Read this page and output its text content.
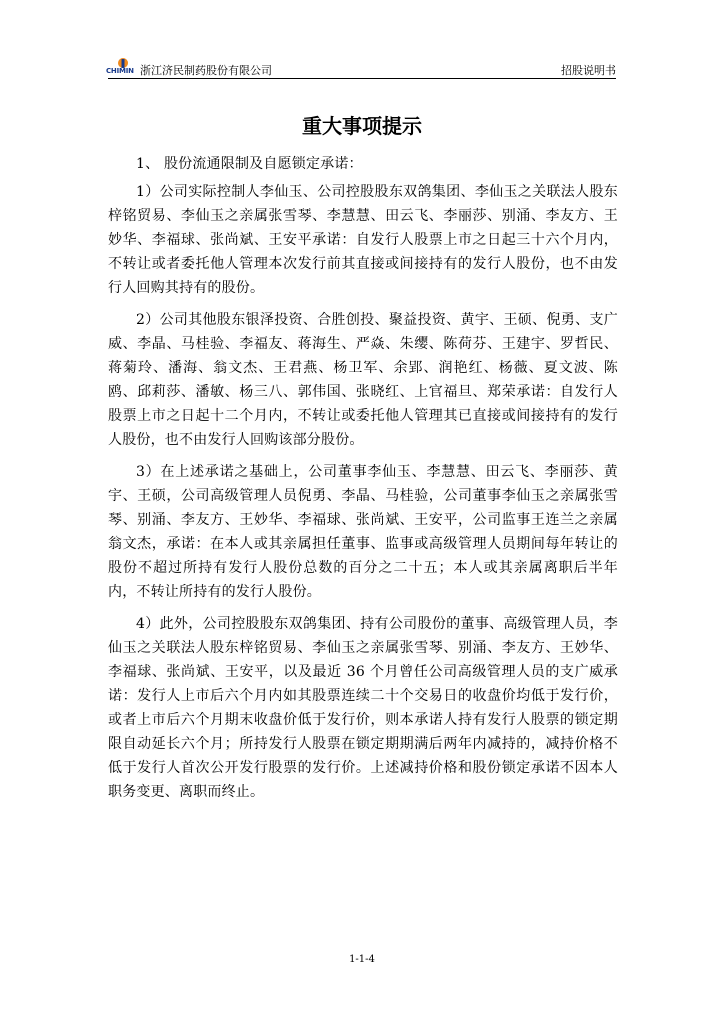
CHIMIN 浙江济民制药股份有限公司	招股说明书
重大事项提示

1、 股份流通限制及自愿锁定承诺：

1）公司实际控制人李仙玉、公司控股股东双鸽集团、李仙玉之关联法人股东梓铭贸易、李仙玉之亲属张雪琴、李慧慧、田云飞、李丽莎、别涌、李友方、王妙华、李福球、张尚斌、王安平承诺：自发行人股票上市之日起三十六个月内，不转让或者委托他人管理本次发行前其直接或间接持有的发行人股份，也不由发行人回购其持有的股份。

2）公司其他股东银泽投资、合胜创投、聚益投资、黄宇、王硕、倪勇、支广威、李晶、马桂验、李福友、蒋海生、严焱、朱缨、陈荷芬、王建宇、罗哲民、蒋菊玲、潘海、翁文杰、王君燕、杨卫军、余郢、润艳红、杨薇、夏文波、陈鸥、邱莉莎、潘敏、杨三八、郭伟国、张晓红、上官福旦、郑荣承诺：自发行人股票上市之日起十二个月内，不转让或委托他人管理其已直接或间接持有的发行人股份，也不由发行人回购该部分股份。

3）在上述承诺之基础上，公司董事李仙玉、李慧慧、田云飞、李丽莎、黄宇、王硕，公司高级管理人员倪勇、李晶、马桂验，公司董事李仙玉之亲属张雪琴、别涌、李友方、王妙华、李福球、张尚斌、王安平，公司监事王连兰之亲属翁文杰，承诺：在本人或其亲属担任董事、监事或高级管理人员期间每年转让的股份不超过所持有发行人股份总数的百分之二十五；本人或其亲属离职后半年内，不转让所持有的发行人股份。

4）此外，公司控股股东双鸽集团、持有公司股份的董事、高级管理人员，李仙玉之关联法人股东梓铭贸易、李仙玉之亲属张雪琴、别涌、李友方、王妙华、李福球、张尚斌、王安平，以及最近 36 个月曾任公司高级管理人员的支广威承诺：发行人上市后六个月内如其股票连续二十个交易日的收盘价均低于发行价，或者上市后六个月期末收盘价低于发行价，则本承诺人持有发行人股票的锁定期限自动延长六个月；所持发行人股票在锁定期期满后两年内减持的，减持价格不低于发行人首次公开发行股票的发行价。上述减持价格和股份锁定承诺不因本人职务变更、离职而终止。

1-1-4
